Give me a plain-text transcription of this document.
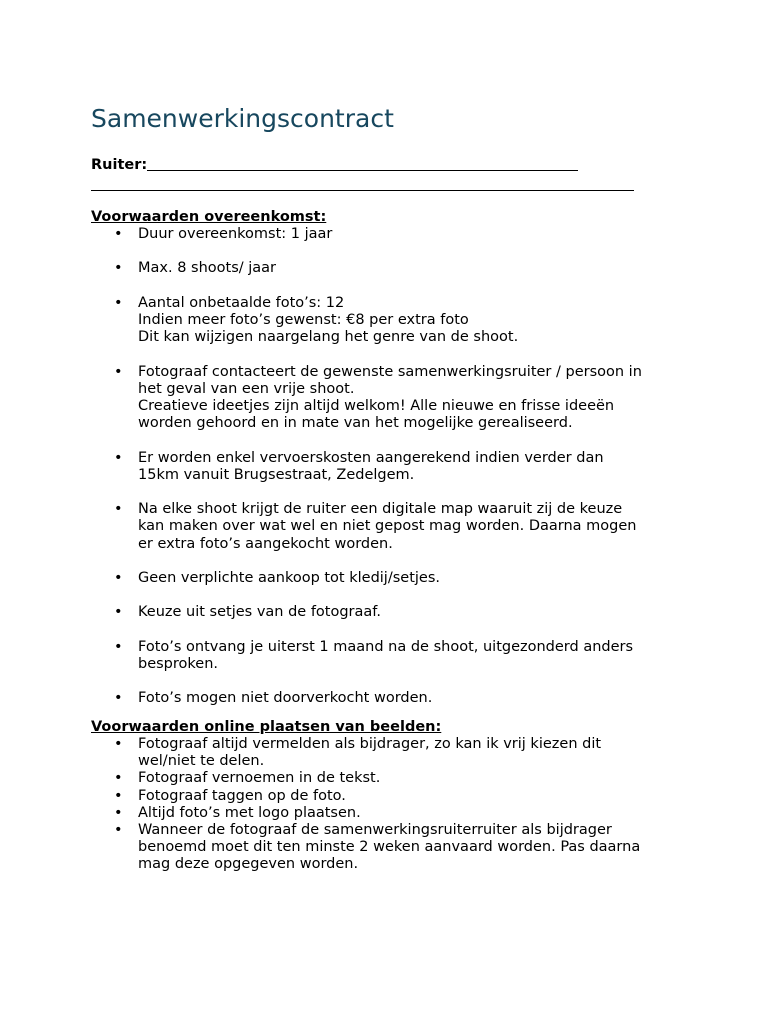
Samenwerkingscontract
Ruiter:
Voorwaarden overeenkomst:
• Duur overeenkomst: 1 jaar
• Max. 8 shoots/ jaar
• Aantal onbetaalde foto’s: 12
Indien meer foto’s gewenst: €8 per extra foto
Dit kan wijzigen naargelang het genre van de shoot.
• Fotograaf contacteert de gewenste samenwerkingsruiter / persoon in
het geval van een vrije shoot.
Creatieve ideetjes zijn altijd welkom! Alle nieuwe en frisse ideeën
worden gehoord en in mate van het mogelijke gerealiseerd.
• Er worden enkel vervoerskosten aangerekend indien verder dan
15km vanuit Brugsestraat, Zedelgem.
• Na elke shoot krijgt de ruiter een digitale map waaruit zij de keuze
kan maken over wat wel en niet gepost mag worden. Daarna mogen
er extra foto’s aangekocht worden.
• Geen verplichte aankoop tot kledij/setjes.
• Keuze uit setjes van de fotograaf.
• Foto’s ontvang je uiterst 1 maand na de shoot, uitgezonderd anders
besproken.
• Foto’s mogen niet doorverkocht worden.
Voorwaarden online plaatsen van beelden:
• Fotograaf altijd vermelden als bijdrager, zo kan ik vrij kiezen dit
wel/niet te delen.
• Fotograaf vernoemen in de tekst.
• Fotograaf taggen op de foto.
• Altijd foto’s met logo plaatsen.
• Wanneer de fotograaf de samenwerkingsruiterruiter als bijdrager
benoemd moet dit ten minste 2 weken aanvaard worden. Pas daarna
mag deze opgegeven worden.
